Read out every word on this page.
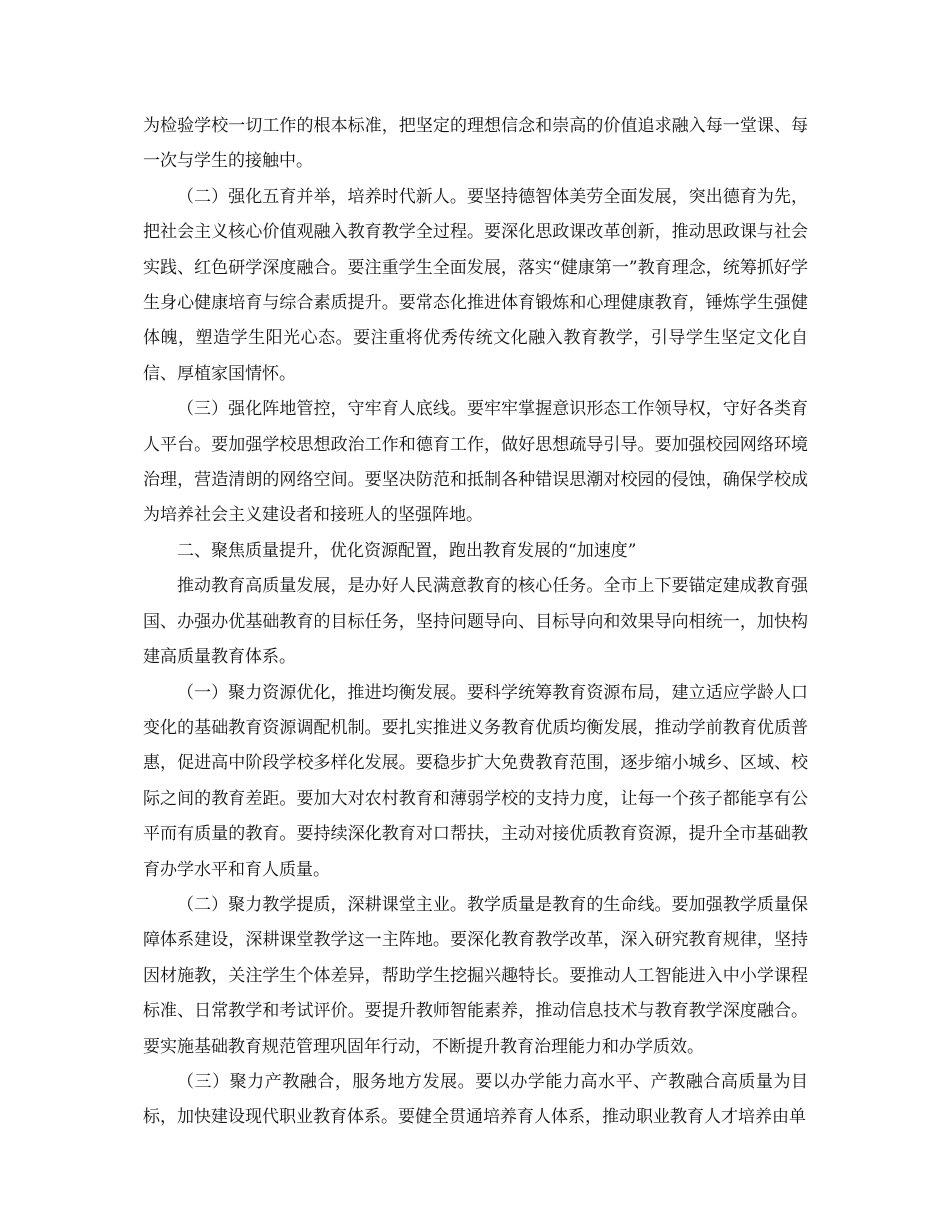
为检验学校一切工作的根本标准，把坚定的理想信念和崇高的价值追求融入每一堂课、每一次与学生的接触中。

（二）强化五育并举，培养时代新人。要坚持德智体美劳全面发展，突出德育为先，把社会主义核心价值观融入教育教学全过程。要深化思政课改革创新，推动思政课与社会实践、红色研学深度融合。要注重学生全面发展，落实“健康第一”教育理念，统筹抓好学生身心健康培育与综合素质提升。要常态化推进体育锻炼和心理健康教育，锤炼学生强健体魄，塑造学生阳光心态。要注重将优秀传统文化融入教育教学，引导学生坚定文化自信、厚植家国情怀。

（三）强化阵地管控，守牢育人底线。要牢牢掌握意识形态工作领导权，守好各类育人平台。要加强学校思想政治工作和德育工作，做好思想疏导引导。要加强校园网络环境治理，营造清朗的网络空间。要坚决防范和抵制各种错误思潮对校园的侵蚀，确保学校成为培养社会主义建设者和接班人的坚强阵地。

二、聚焦质量提升，优化资源配置，跑出教育发展的“加速度”

推动教育高质量发展，是办好人民满意教育的核心任务。全市上下要锚定建成教育强国、办强办优基础教育的目标任务，坚持问题导向、目标导向和效果导向相统一，加快构建高质量教育体系。

（一）聚力资源优化，推进均衡发展。要科学统筹教育资源布局，建立适应学龄人口变化的基础教育资源调配机制。要扎实推进义务教育优质均衡发展，推动学前教育优质普惠，促进高中阶段学校多样化发展。要稳步扩大免费教育范围，逐步缩小城乡、区域、校际之间的教育差距。要加大对农村教育和薄弱学校的支持力度，让每一个孩子都能享有公平而有质量的教育。要持续深化教育对口帮扶，主动对接优质教育资源，提升全市基础教育办学水平和育人质量。

（二）聚力教学提质，深耕课堂主业。教学质量是教育的生命线。要加强教学质量保障体系建设，深耕课堂教学这一主阵地。要深化教育教学改革，深入研究教育规律，坚持因材施教，关注学生个体差异，帮助学生挖掘兴趣特长。要推动人工智能进入中小学课程标准、日常教学和考试评价。要提升教师智能素养，推动信息技术与教育教学深度融合。要实施基础教育规范管理巩固年行动，不断提升教育治理能力和办学质效。

（三）聚力产教融合，服务地方发展。要以办学能力高水平、产教融合高质量为目标，加快建设现代职业教育体系。要健全贯通培养育人体系，推动职业教育人才培养由单
